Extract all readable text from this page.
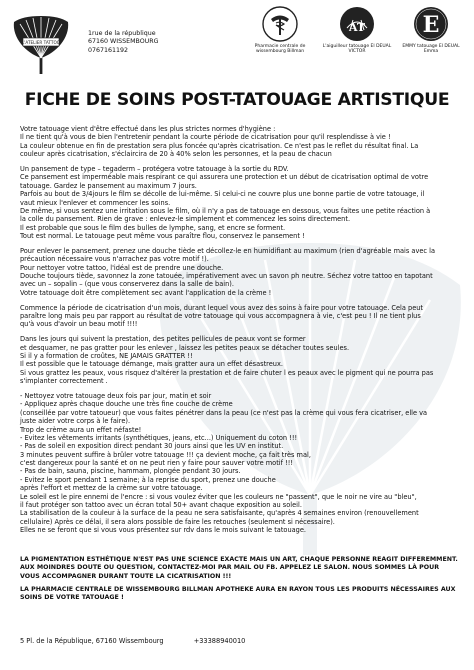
L'ATELIER TATTOO
1rue de la république
67160 WISSEMBOURG
0767161192
Pharmacie centrale de wissembourg Billman
AT
L'aiguilleur tatouage El DEUAL VICTOR
E
EMMY tatouage El DEUAL Emma
FICHE DE SOINS POST-TATOUAGE ARTISTIQUE
Votre tatouage vient d'être effectué dans les plus strictes normes d'hygiène :
Il ne tient qu'à vous de bien l'entretenir pendant la courte période de cicatrisation pour qu'il resplendisse à vie !
La couleur obtenue en fin de prestation sera plus foncée qu'après cicatrisation. Ce n'est pas le reflet du résultat final. La
couleur après cicatrisation, s'éclaircira de 20 à 40% selon les personnes, et la peau de chacun
Un pansement de type – tegaderm – protégera votre tatouage à la sortie du RDV.
Ce pansement est imperméable mais respirant ce qui assurera une protection et un début de cicatrisation optimal de votre
tatouage. Gardez le pansement au maximum 7 jours.
Parfois au bout de 3/4jours le film se décolle de lui-même. Si celui-ci ne couvre plus une bonne partie de votre tatouage, il
vaut mieux l'enlever et commencer les soins.
De même, si vous sentez une irritation sous le film, où il n'y a pas de tatouage en dessous, vous faites une petite réaction à
la colle du pansement. Rien de grave : enlevez-le simplement et commencez les soins directement.
Il est probable que sous le film des bulles de lymphe, sang, et encre se forment.
Tout est normal. Le tatouage peut même vous paraître flou, conservez le pansement !
Pour enlever le pansement, prenez une douche tiède et décollez-le en humidifiant au maximum (rien d'agréable mais avec la
précaution nécessaire vous n'arrachez pas votre motif !).
Pour nettoyer votre tattoo, l'idéal est de prendre une douche.
Douche toujours tiède, savonnez la zone tatouée, impérativement avec un savon ph neutre. Séchez votre tattoo en tapotant
avec un – sopalin – (que vous conserverez dans la salle de bain).
Votre tatouage doit être complètement sec avant l'application de la crème !
Commence la période de cicatrisation d'un mois, durant lequel vous avez des soins à faire pour votre tatouage. Cela peut
paraître long mais peu par rapport au résultat de votre tatouage qui vous accompagnera à vie, c'est peu ! Il ne tient plus
qu'à vous d'avoir un beau motif !!!!
Dans les jours qui suivent la prestation, des petites pellicules de peaux vont se former
et desquamer, ne pas gratter pour les enlever , laissez les petites peaux se détacher toutes seules.
Si il y a formation de croûtes, NE JAMAIS GRATTER !!
Il est possible que le tatouage démange, mais gratter aura un effet désastreux.
Si vous grattez les peaux, vous risquez d'altérer la prestation et de faire chuter l es peaux avec le pigment qui ne pourra pas
s'implanter correctement .
- Nettoyez votre tatouage deux fois par jour, matin et soir
- Appliquez après chaque douche une très fine couche de crème
(conseillée par votre tatoueur) que vous faites pénétrer dans la peau (ce n'est pas la crème qui vous fera cicatriser, elle va
juste aider votre corps à le faire).
Trop de crème aura un effet néfaste!
- Evitez les vêtements irritants (synthétiques, jeans, etc...) Uniquement du coton !!!
- Pas de soleil en exposition direct pendant 30 jours ainsi que les UV en institut.
3 minutes peuvent suffire à brûler votre tatouage !!! ça devient moche, ça fait très mal,
c'est dangereux pour la santé et on ne peut rien y faire pour sauver votre motif !!!
- Pas de bain, sauna, piscine, hammam, plongée pendant 30 jours.
- Evitez le sport pendant 1 semaine; à la reprise du sport, prenez une douche
après l'effort et mettez de la crème sur votre tatouage.
Le soleil est le pire ennemi de l'encre : si vous voulez éviter que les couleurs ne "passent", que le noir ne vire au "bleu",
il faut protéger son tattoo avec un écran total 50+ avant chaque exposition au soleil.
La stabilisation de la couleur à la surface de la peau ne sera satisfaisante, qu'après 4 semaines environ (renouvellement
cellulaire) Après ce délai, il sera alors possible de faire les retouches (seulement si nécessaire).
Elles ne se feront que si vous vous présentez sur rdv dans le mois suivant le tatouage.
LA PIGMENTATION ESTHÉTIQUE N'EST PAS UNE SCIENCE EXACTE MAIS UN ART, CHAQUE PERSONNE REAGIT DIFFEREMMENT.
AUX MOINDRES DOUTE OU QUESTION, CONTACTEZ-MOI PAR MAIL OU FB. APPELEZ LE SALON. NOUS SOMMES LÀ POUR
VOUS ACCOMPAGNER DURANT TOUTE LA CICATRISATION !!!
LA PHARMACIE CENTRALE DE WISSEMBOURG BILLMAN APOTHEKE AURA EN RAYON TOUS LES PRODUITS NÉCESSAIRES AUX
SOINS DE VOTRE TATOUAGE !
5 Pl. de la République, 67160 Wissembourg	+33388940010
